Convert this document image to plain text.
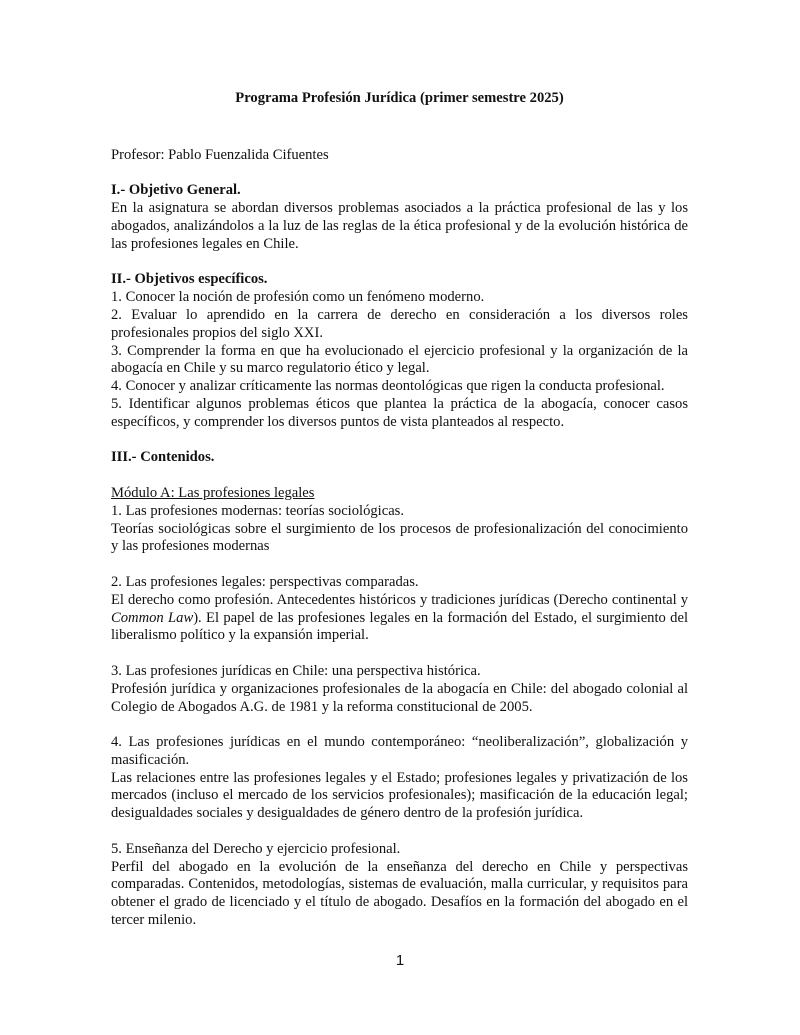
Programa Profesión Jurídica (primer semestre 2025)

Profesor: Pablo Fuenzalida Cifuentes

I.- Objetivo General.

En la asignatura se abordan diversos problemas asociados a la práctica profesional de las y los abogados, analizándolos a la luz de las reglas de la ética profesional y de la evolución histórica de las profesiones legales en Chile.

II.- Objetivos específicos.

1. Conocer la noción de profesión como un fenómeno moderno.

2. Evaluar lo aprendido en la carrera de derecho en consideración a los diversos roles profesionales propios del siglo XXI.

3. Comprender la forma en que ha evolucionado el ejercicio profesional y la organización de la abogacía en Chile y su marco regulatorio ético y legal.

4. Conocer y analizar críticamente las normas deontológicas que rigen la conducta profesional.

5. Identificar algunos problemas éticos que plantea la práctica de la abogacía, conocer casos específicos, y comprender los diversos puntos de vista planteados al respecto.

III.- Contenidos.

Módulo A: Las profesiones legales

1. Las profesiones modernas: teorías sociológicas.

Teorías sociológicas sobre el surgimiento de los procesos de profesionalización del conocimiento y las profesiones modernas

2. Las profesiones legales: perspectivas comparadas.

El derecho como profesión. Antecedentes históricos y tradiciones jurídicas (Derecho continental y Common Law). El papel de las profesiones legales en la formación del Estado, el surgimiento del liberalismo político y la expansión imperial.

3. Las profesiones jurídicas en Chile: una perspectiva histórica.

Profesión jurídica y organizaciones profesionales de la abogacía en Chile: del abogado colonial al Colegio de Abogados A.G. de 1981 y la reforma constitucional de 2005.

4. Las profesiones jurídicas en el mundo contemporáneo: “neoliberalización”, globalización y masificación.

Las relaciones entre las profesiones legales y el Estado; profesiones legales y privatización de los mercados (incluso el mercado de los servicios profesionales); masificación de la educación legal; desigualdades sociales y desigualdades de género dentro de la profesión jurídica.

5. Enseñanza del Derecho y ejercicio profesional.

Perfil del abogado en la evolución de la enseñanza del derecho en Chile y perspectivas comparadas. Contenidos, metodologías, sistemas de evaluación, malla curricular, y requisitos para obtener el grado de licenciado y el título de abogado. Desafíos en la formación del abogado en el tercer milenio.

1
